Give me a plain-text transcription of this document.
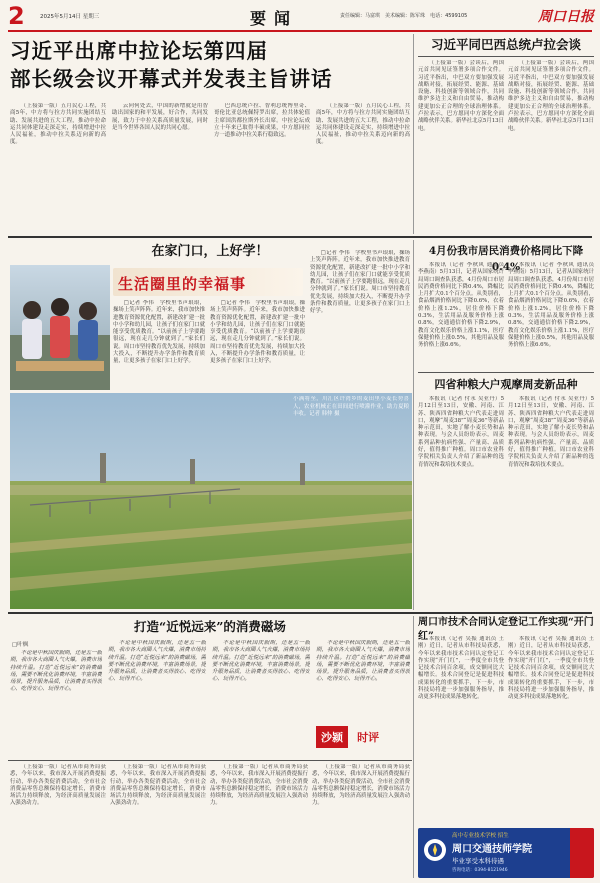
2	2025年5月14日 星期三	要闻	责任编辑：马富琪　 美术编辑：陈军珠　 电话：4599105	周口日报
习近平出席中拉论坛第四届
部长级会议开幕式并发表主旨讲话

（上接第一版）五月民心工程，共商5年，中方将与拉方共同实施团结互助、发展共进的五大工程，推动中拉命运共同体建设走深走实，持续增进中拉人民福祉，推动中拉关系迈向新的高度。

云向何处去，中国的新增就是用智助出国家的和平发展，好合作，共同发展，致力于中拉关系高质量发展，同时是当今世界各国人民的共同心愿。

巴西总统卢拉、智利总统博里奇、哥伦比亚总统佩特罗出席，拉共体轮值主席国洪都拉斯外长出席。中拉论坛成立十年来已取得丰硕成果，中方愿同拉方一道推动中拉关系行稳致远。

（上接第一版）五月民心工程，共商5年，中方将与拉方共同实施团结互助、发展共进的五大工程，推动中拉命运共同体建设走深走实，持续增进中拉人民福祉，推动中拉关系迈向新的高度。

习近平同巴西总统卢拉会谈

（上接第一版）会谈后，两国元首共同见证签署多项合作文件。习近平指出，中巴双方要加强发展战略对接，拓展经贸、能源、基础设施、科技创新等领域合作，共同维护多边主义和自由贸易，推动构建更加公正合理的全球治理体系。卢拉表示，巴方愿同中方深化全面战略伙伴关系。新华社北京5月13日电。

（上接第一版）会谈后，两国元首共同见证签署多项合作文件。习近平指出，中巴双方要加强发展战略对接，拓展经贸、能源、基础设施、科技创新等领域合作，共同维护多边主义和自由贸易，推动构建更加公正合理的全球治理体系。卢拉表示，巴方愿同中方深化全面战略伙伴关系。新华社北京5月13日电。

在家门口，上好学！
生活圈里的幸福事

□记者 李伟　学校里书声琅琅，操场上笑声阵阵。近年来，我市加快推进教育资源优化配置，新建改扩建一批中小学和幼儿园，让孩子们在家门口就能享受优质教育。“以前孩子上学要跑很远，现在走几分钟就到了。”家长们说。周口市坚持教育优先发展，持续加大投入，不断提升办学条件和教育质量，让更多孩子在家门口上好学。

□记者 李伟　学校里书声琅琅，操场上笑声阵阵。近年来，我市加快推进教育资源优化配置，新建改扩建一批中小学和幼儿园，让孩子们在家门口就能享受优质教育。“以前孩子上学要跑很远，现在走几分钟就到了。”家长们说。周口市坚持教育优先发展，持续加大投入，不断提升办学条件和教育质量，让更多孩子在家门口上好学。

□记者 李伟　学校里书声琅琅，操场上笑声阵阵。近年来，我市加快推进教育资源优化配置，新建改扩建一批中小学和幼儿园，让孩子们在家门口就能享受优质教育。“以前孩子上学要跑很远，现在走几分钟就到了。”家长们说。周口市坚持教育优先发展，持续加大投入，不断提升办学条件和教育质量，让更多孩子在家门口上好学。

小满将至，川汇区许湾乡的麦田里小麦长势喜人，农业机械正在田间进行喷灌作业，助力夏粮丰收。记者 韩仲 摄
4月份我市居民消费价格同比下降0.4%

本报讯（记者 李秋风 通讯员 李燕南）5月13日，记者从国家统计局周口调查队获悉，4月份周口市居民消费价格同比下降0.4%，降幅比上月扩大0.1个百分点。从类别看，食品烟酒价格同比下降0.6%，衣着价格上涨1.2%，居住价格下降0.3%，生活用品及服务价格上涨0.8%，交通通信价格下降2.9%，教育文化娱乐价格上涨1.1%，医疗保健价格上涨0.5%，其他用品及服务价格上涨6.6%。

本报讯（记者 李秋风 通讯员 李燕南）5月13日，记者从国家统计局周口调查队获悉，4月份周口市居民消费价格同比下降0.4%，降幅比上月扩大0.1个百分点。从类别看，食品烟酒价格同比下降0.6%，衣着价格上涨1.2%，居住价格下降0.3%，生活用品及服务价格上涨0.8%，交通通信价格下降2.9%，教育文化娱乐价格上涨1.1%，医疗保健价格上涨0.5%，其他用品及服务价格上涨6.6%。

四省种粮大户观摩周麦新品种

本报讯（记者 付永 吴亚丹）5月12日至13日，安徽、河南、江苏、陕西四省种粮大户代表走进周口，观摩“周麦38”“周麦36”等新品种示范田，实地了解小麦长势和品种表现。与会人员纷纷表示，周麦系列品种抗病性强、产量高、品质好，值得推广种植。周口市农业科学院相关负责人介绍了新品种的选育情况和栽培技术要点。

本报讯（记者 付永 吴亚丹）5月12日至13日，安徽、河南、江苏、陕西四省种粮大户代表走进周口，观摩“周麦38”“周麦36”等新品种示范田，实地了解小麦长势和品种表现。与会人员纷纷表示，周麦系列品种抗病性强、产量高、品质好，值得推广种植。周口市农业科学院相关负责人介绍了新品种的选育情况和栽培技术要点。

打造“近悦远来”的消费磁场
□叶枫

不论是中秋国庆假期，还是五一假期，我市各大商圈人气火爆，消费市场持续升温。打造“近悦远来”的消费磁场，需要不断优化消费环境，丰富消费场景，提升服务品质，让消费者买得放心、吃得安心、玩得开心。

不论是中秋国庆假期，还是五一假期，我市各大商圈人气火爆，消费市场持续升温。打造“近悦远来”的消费磁场，需要不断优化消费环境，丰富消费场景，提升服务品质，让消费者买得放心、吃得安心、玩得开心。

不论是中秋国庆假期，还是五一假期，我市各大商圈人气火爆，消费市场持续升温。打造“近悦远来”的消费磁场，需要不断优化消费环境，丰富消费场景，提升服务品质，让消费者买得放心、吃得安心、玩得开心。

不论是中秋国庆假期，还是五一假期，我市各大商圈人气火爆，消费市场持续升温。打造“近悦远来”的消费磁场，需要不断优化消费环境，丰富消费场景，提升服务品质，让消费者买得放心、吃得安心、玩得开心。

沙颍 时评

（上接第一版）记者从市商务局获悉，今年以来，我市深入开展消费提振行动，举办各类促消费活动，全市社会消费品零售总额保持稳定增长，消费市场活力持续释放，为经济高质量发展注入强劲动力。

（上接第一版）记者从市商务局获悉，今年以来，我市深入开展消费提振行动，举办各类促消费活动，全市社会消费品零售总额保持稳定增长，消费市场活力持续释放，为经济高质量发展注入强劲动力。

（上接第一版）记者从市商务局获悉，今年以来，我市深入开展消费提振行动，举办各类促消费活动，全市社会消费品零售总额保持稳定增长，消费市场活力持续释放，为经济高质量发展注入强劲动力。

（上接第一版）记者从市商务局获悉，今年以来，我市深入开展消费提振行动，举办各类促消费活动，全市社会消费品零售总额保持稳定增长，消费市场活力持续释放，为经济高质量发展注入强劲动力。

周口市技术合同认定登记工作实现“开门红”

本报讯（记者 吴振 通讯员 王刚）近日，记者从市科技局获悉，今年以来我市技术合同认定登记工作实现“开门红”，一季度全市共登记技术合同百余项，成交额同比大幅增长。技术合同登记是促进科技成果转化的重要抓手，下一步，市科技局将进一步加强服务指导，推动更多科技成果落地转化。

本报讯（记者 吴振 通讯员 王刚）近日，记者从市科技局获悉，今年以来我市技术合同认定登记工作实现“开门红”，一季度全市共登记技术合同百余项，成交额同比大幅增长。技术合同登记是促进科技成果转化的重要抓手，下一步，市科技局将进一步加强服务指导，推动更多科技成果落地转化。

高中专业技术学校 招生
周口交通技师学院
毕业享受本科待遇
咨询电话：0394-8121946
